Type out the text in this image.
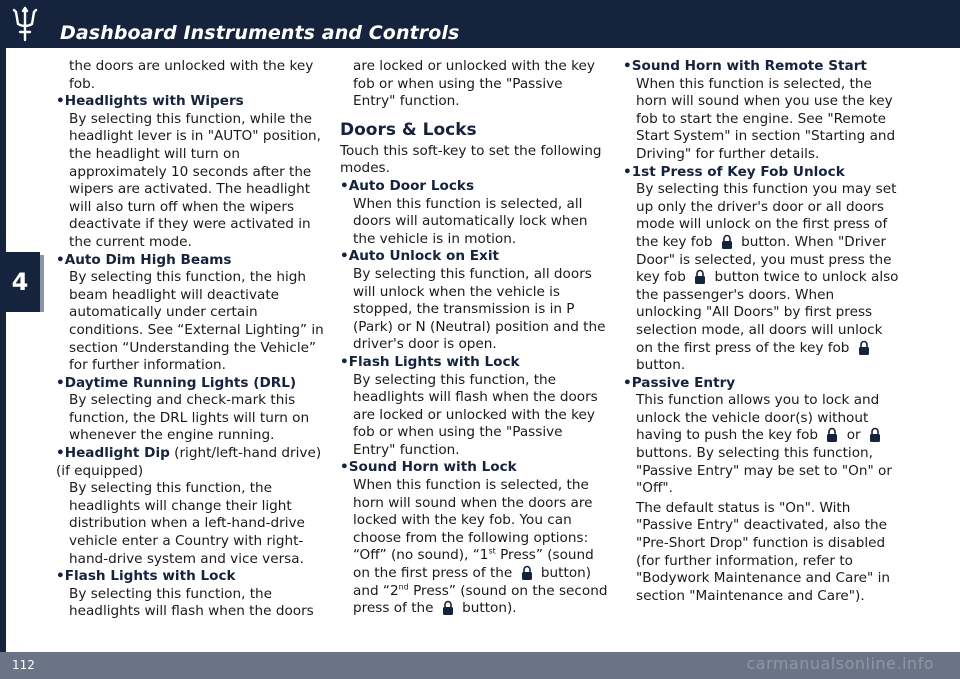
Dashboard Instruments and Controls
4

the doors are unlocked with the key fob.

•Headlights with Wipers

By selecting this function, while the headlight lever is in "AUTO" position, the headlight will turn on approximately 10 seconds after the wipers are activated. The headlight will also turn off when the wipers deactivate if they were activated in the current mode.

•Auto Dim High Beams

By selecting this function, the high beam headlight will deactivate automatically under certain conditions. See “External Lighting” in section “Understanding the Vehicle” for further information.

•Daytime Running Lights (DRL)

By selecting and check-mark this function, the DRL lights will turn on whenever the engine running.

•Headlight Dip (right/left-hand drive) (if equipped)

By selecting this function, the headlights will change their light distribution when a left-hand-drive vehicle enter a Country with right-hand-drive system and vice versa.

•Flash Lights with Lock

By selecting this function, the headlights will flash when the doors

are locked or unlocked with the key fob or when using the "Passive Entry" function.

Doors & Locks

Touch this soft-key to set the following modes.

•Auto Door Locks

When this function is selected, all doors will automatically lock when the vehicle is in motion.

•Auto Unlock on Exit

By selecting this function, all doors will unlock when the vehicle is stopped, the transmission is in P (Park) or N (Neutral) position and the driver's door is open.

•Flash Lights with Lock

By selecting this function, the headlights will flash when the doors are locked or unlocked with the key fob or when using the "Passive Entry" function.

•Sound Horn with Lock

When this function is selected, the horn will sound when the doors are locked with the key fob. You can choose from the following options: “Off” (no sound), “1st Press” (sound on the first press of the  button) and “2nd Press” (sound on the second press of the  button).

•Sound Horn with Remote Start

When this function is selected, the horn will sound when you use the key fob to start the engine. See "Remote Start System" in section "Starting and Driving" for further details.

•1st Press of Key Fob Unlock

By selecting this function you may set up only the driver's door or all doors mode will unlock on the first press of the key fob  button. When "Driver Door" is selected, you must press the key fob  button twice to unlock also the passenger's doors. When unlocking "All Doors" by first press selection mode, all doors will unlock on the first press of the key fob  button.

•Passive Entry

This function allows you to lock and unlock the vehicle door(s) without having to push the key fob  or  buttons. By selecting this function, "Passive Entry" may be set to "On" or "Off".

The default status is "On". With "Passive Entry" deactivated, also the "Pre-Short Drop" function is disabled (for further information, refer to "Bodywork Maintenance and Care" in section "Maintenance and Care").

112	carmanualsonline.info
